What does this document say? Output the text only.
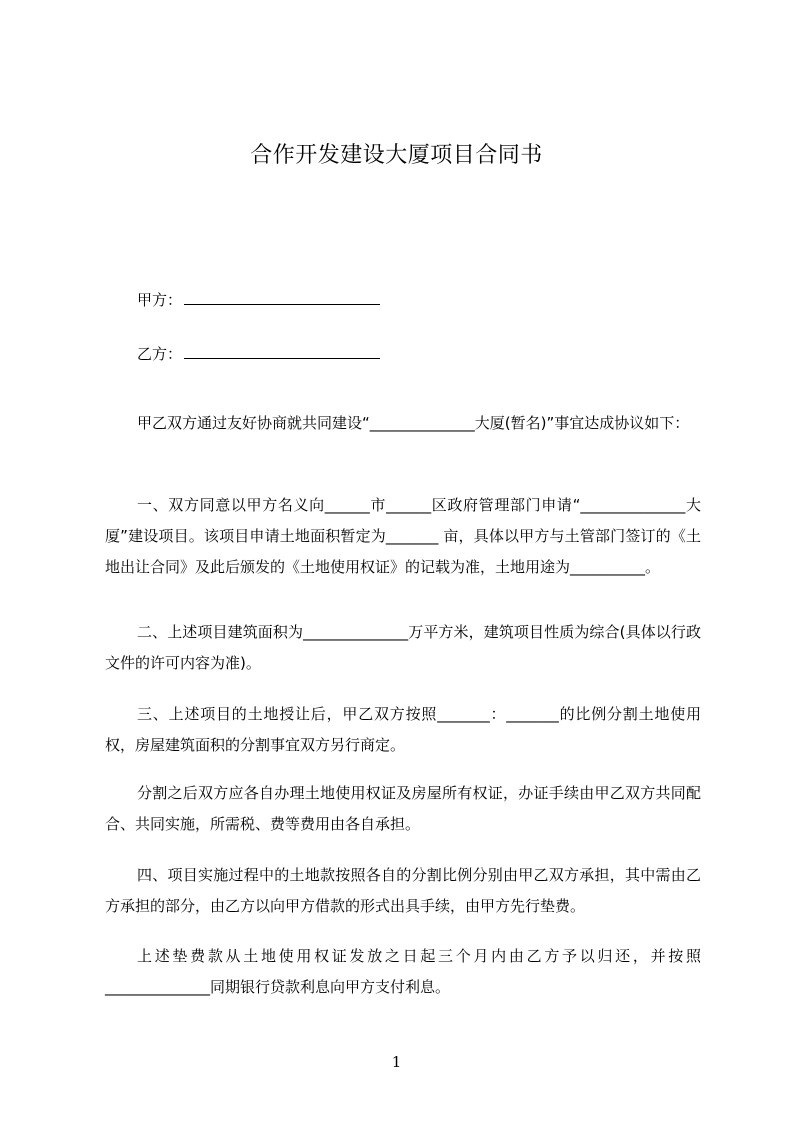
合作开发建设大厦项目合同书
甲方：
乙方：

甲乙双方通过友好协商就共同建设“______________大厦(暂名)”事宜达成协议如下：

一、双方同意以甲方名义向______市______区政府管理部门申请“______________大厦”建设项目。该项目申请土地面积暂定为_______ 亩，具体以甲方与土管部门签订的《土地出让合同》及此后颁发的《土地使用权证》的记载为准，土地用途为__________。

二、上述项目建筑面积为______________万平方米，建筑项目性质为综合(具体以行政文件的许可内容为准)。

三、上述项目的土地授让后，甲乙双方按照_______：_______的比例分割土地使用权，房屋建筑面积的分割事宜双方另行商定。

分割之后双方应各自办理土地使用权证及房屋所有权证，办证手续由甲乙双方共同配合、共同实施，所需税、费等费用由各自承担。

四、项目实施过程中的土地款按照各自的分割比例分别由甲乙双方承担，其中需由乙方承担的部分，由乙方以向甲方借款的形式出具手续，由甲方先行垫费。

上述垫费款从土地使用权证发放之日起三个月内由乙方予以归还，并按照______________同期银行贷款利息向甲方支付利息。

1
